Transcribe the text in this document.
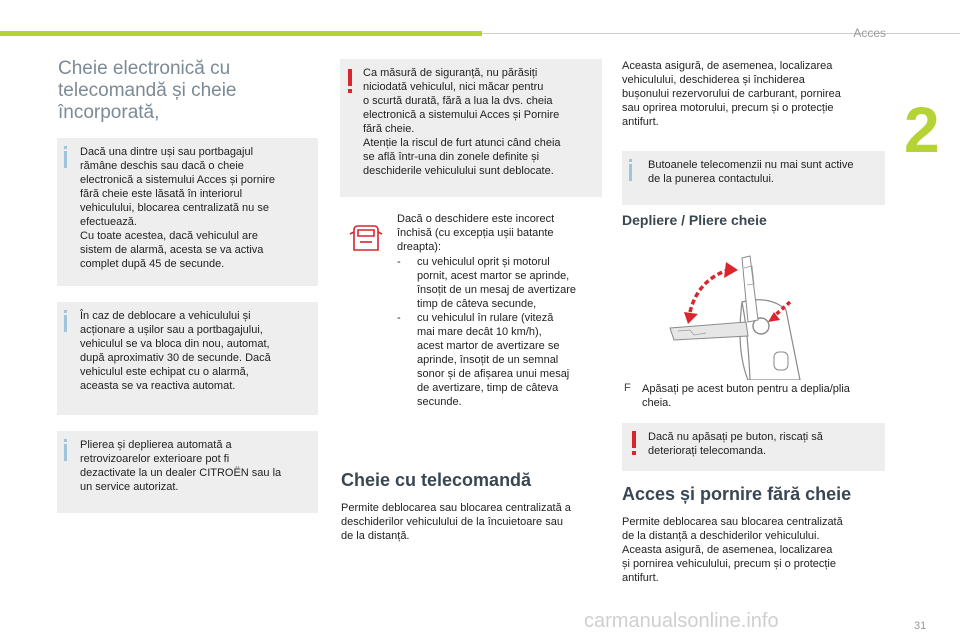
Acces
2
Cheie electronică cu
telecomandă și cheie
încorporată,
Dacă una dintre uși sau portbagajul
rămâne deschis sau dacă o cheie
electronică a sistemului Acces și pornire
fără cheie este lăsată în interiorul
vehiculului, blocarea centralizată nu se
efectuează.
Cu toate acestea, dacă vehiculul are
sistem de alarmă, acesta se va activa
complet după 45 de secunde.
În caz de deblocare a vehiculului și
acționare a ușilor sau a portbagajului,
vehiculul se va bloca din nou, automat,
după aproximativ 30 de secunde. Dacă
vehiculul este echipat cu o alarmă,
aceasta se va reactiva automat.
Plierea și deplierea automată a
retrovizoarelor exterioare pot fi
dezactivate la un dealer CITROËN sau la
un service autorizat.
Ca măsură de siguranță, nu părăsiți
niciodată vehiculul, nici măcar pentru
o scurtă durată, fără a lua la dvs. cheia
electronică a sistemului Acces și Pornire
fără cheie.
Atenție la riscul de furt atunci când cheia
se află într-una din zonele definite și
deschiderile vehiculului sunt deblocate.
Dacă o deschidere este incorect
închisă (cu excepția ușii batante
dreapta):
-	cu vehiculul oprit și motorul
pornit, acest martor se aprinde,
însoțit de un mesaj de avertizare
timp de câteva secunde,
-	cu vehiculul în rulare (viteză
mai mare decât 10 km/h),
acest martor de avertizare se
aprinde, însoțit de un semnal
sonor și de afișarea unui mesaj
de avertizare, timp de câteva
secunde.
Cheie cu telecomandă
Permite deblocarea sau blocarea centralizată a
deschiderilor vehiculului de la încuietoare sau
de la distanță.
Aceasta asigură, de asemenea, localizarea
vehiculului, deschiderea și închiderea
bușonului rezervorului de carburant, pornirea
sau oprirea motorului, precum și o protecție
antifurt.
Butoanele telecomenzii nu mai sunt active
de la punerea contactului.
Depliere / Pliere cheie
F Apăsați pe acest buton pentru a deplia/plia
cheia.
Dacă nu apăsați pe buton, riscați să
deteriorați telecomanda.
Acces și pornire fără cheie
Permite deblocarea sau blocarea centralizată
de la distanță a deschiderilor vehiculului.
Aceasta asigură, de asemenea, localizarea
și pornirea vehiculului, precum și o protecție
antifurt.
carmanualsonline.info	31
